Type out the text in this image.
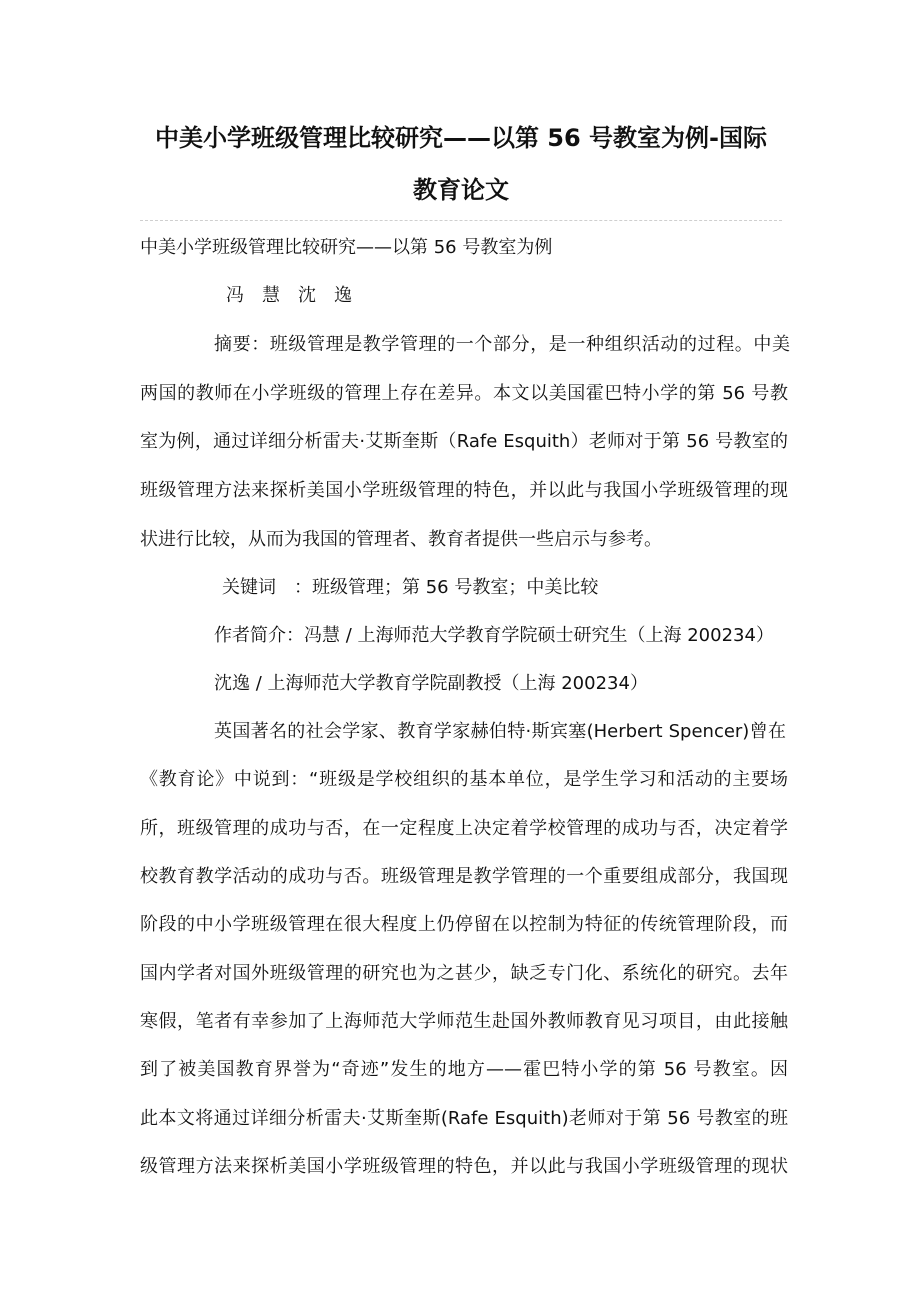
中美小学班级管理比较研究——以第 56 号教室为例-国际
教育论文
中美小学班级管理比较研究——以第 56 号教室为例
冯　慧　沈　逸
摘要：班级管理是教学管理的一个部分，是一种组织活动的过程。中美
两国的教师在小学班级的管理上存在差异。本文以美国霍巴特小学的第 56 号教
室为例，通过详细分析雷夫·艾斯奎斯（Rafe Esquith）老师对于第 56 号教室的
班级管理方法来探析美国小学班级管理的特色，并以此与我国小学班级管理的现
状进行比较，从而为我国的管理者、教育者提供一些启示与参考。
关键词　：班级管理；第 56 号教室；中美比较
作者简介：冯慧 / 上海师范大学教育学院硕士研究生（上海 200234）
沈逸 / 上海师范大学教育学院副教授（上海 200234）
英国著名的社会学家、教育学家赫伯特·斯宾塞(Herbert Spencer)曾在
《教育论》中说到：“班级是学校组织的基本单位，是学生学习和活动的主要场
所，班级管理的成功与否，在一定程度上决定着学校管理的成功与否，决定着学
校教育教学活动的成功与否。班级管理是教学管理的一个重要组成部分，我国现
阶段的中小学班级管理在很大程度上仍停留在以控制为特征的传统管理阶段，而
国内学者对国外班级管理的研究也为之甚少，缺乏专门化、系统化的研究。去年
寒假，笔者有幸参加了上海师范大学师范生赴国外教师教育见习项目，由此接触
到了被美国教育界誉为“奇迹”发生的地方——霍巴特小学的第 56 号教室。因
此本文将通过详细分析雷夫·艾斯奎斯(Rafe Esquith)老师对于第 56 号教室的班
级管理方法来探析美国小学班级管理的特色，并以此与我国小学班级管理的现状
